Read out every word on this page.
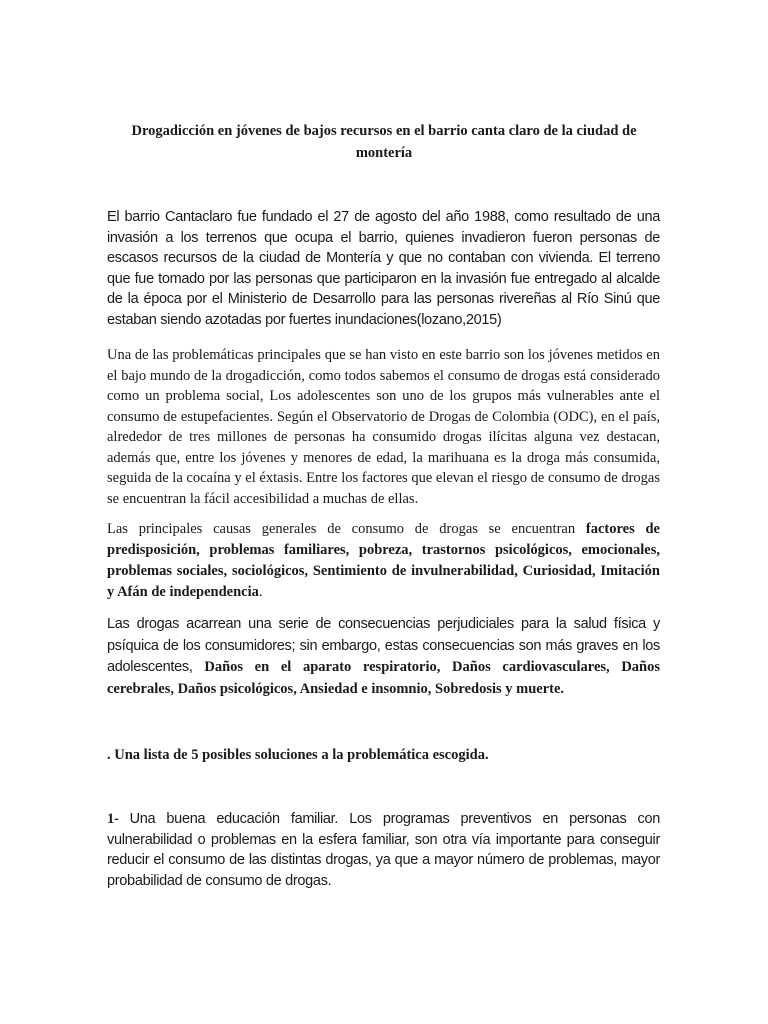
Drogadicción en jóvenes de bajos recursos en el barrio canta claro de la ciudad de montería

El barrio Cantaclaro fue fundado el 27 de agosto del año 1988, como resultado de una invasión a los terrenos que ocupa el barrio, quienes invadieron fueron personas de escasos recursos de la ciudad de Montería y que no contaban con vivienda. El terreno que fue tomado por las personas que participaron en la invasión fue entregado al alcalde de la época por el Ministerio de Desarrollo para las personas rivereñas al Río Sinú que estaban siendo azotadas por fuertes inundaciones(lozano,2015)

Una de las problemáticas principales que se han visto en este barrio son los jóvenes metidos en el bajo mundo de la drogadicción, como todos sabemos el consumo de drogas está considerado como un problema social, Los adolescentes son uno de los grupos más vulnerables ante el consumo de estupefacientes. Según el Observatorio de Drogas de Colombia (ODC), en el país, alrededor de tres millones de personas ha consumido drogas ilícitas alguna vez destacan, además que, entre los jóvenes y menores de edad, la marihuana es la droga más consumida, seguida de la cocaína y el éxtasis. Entre los factores que elevan el riesgo de consumo de drogas se encuentran la fácil accesibilidad a muchas de ellas.

Las principales causas generales de consumo de drogas se encuentran factores de predisposición, problemas familiares, pobreza, trastornos psicológicos, emocionales, problemas sociales, sociológicos, Sentimiento de invulnerabilidad, Curiosidad, Imitación y Afán de independencia.

Las drogas acarrean una serie de consecuencias perjudiciales para la salud física y psíquica de los consumidores; sin embargo, estas consecuencias son más graves en los adolescentes, Daños en el aparato respiratorio, Daños cardiovasculares, Daños cerebrales, Daños psicológicos, Ansiedad e insomnio, Sobredosis y muerte.

. Una lista de 5 posibles soluciones a la problemática escogida.

1- Una buena educación familiar. Los programas preventivos en personas con vulnerabilidad o problemas en la esfera familiar, son otra vía importante para conseguir reducir el consumo de las distintas drogas, ya que a mayor número de problemas, mayor probabilidad de consumo de drogas.
